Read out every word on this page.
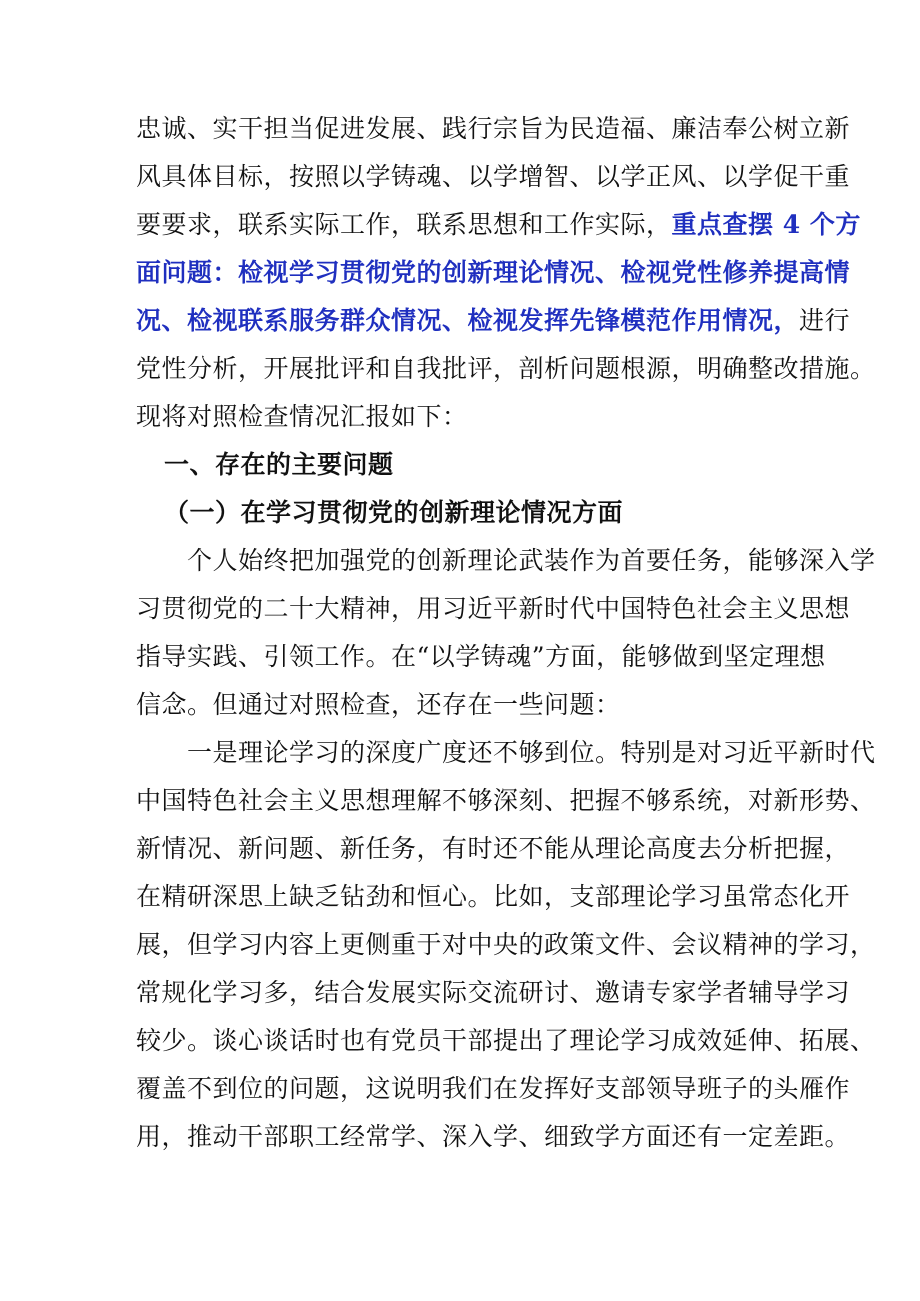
忠诚、实干担当促进发展、践行宗旨为民造福、廉洁奉公树立新
风具体目标，按照以学铸魂、以学增智、以学正风、以学促干重
要要求，联系实际工作，联系思想和工作实际，重点查摆 4 个方
面问题：检视学习贯彻党的创新理论情况、检视党性修养提高情
况、检视联系服务群众情况、检视发挥先锋模范作用情况，进行
党性分析，开展批评和自我批评，剖析问题根源，明确整改措施。
现将对照检查情况汇报如下：
一、存在的主要问题
（一）在学习贯彻党的创新理论情况方面
　　个人始终把加强党的创新理论武装作为首要任务，能够深入学
习贯彻党的二十大精神，用习近平新时代中国特色社会主义思想
指导实践、引领工作。在“以学铸魂”方面，能够做到坚定理想
信念。但通过对照检查，还存在一些问题：
　　一是理论学习的深度广度还不够到位。特别是对习近平新时代
中国特色社会主义思想理解不够深刻、把握不够系统，对新形势、
新情况、新问题、新任务，有时还不能从理论高度去分析把握，
在精研深思上缺乏钻劲和恒心。比如，支部理论学习虽常态化开
展，但学习内容上更侧重于对中央的政策文件、会议精神的学习，
常规化学习多，结合发展实际交流研讨、邀请专家学者辅导学习
较少。谈心谈话时也有党员干部提出了理论学习成效延伸、拓展、
覆盖不到位的问题，这说明我们在发挥好支部领导班子的头雁作
用，推动干部职工经常学、深入学、细致学方面还有一定差距。
